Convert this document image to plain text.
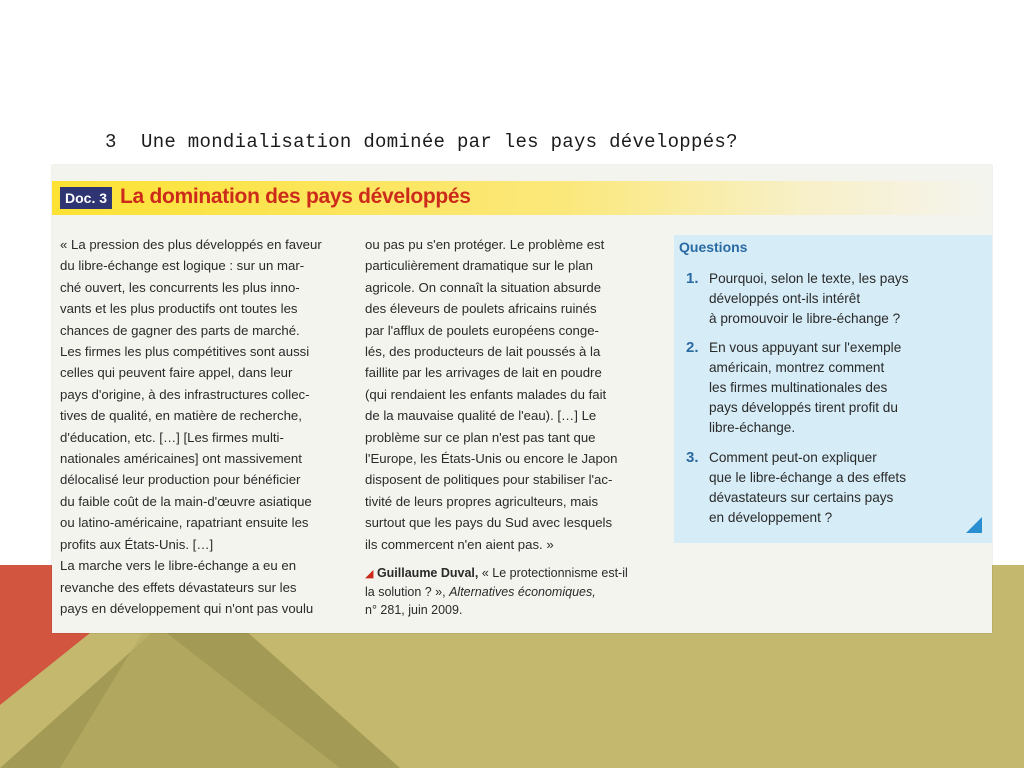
3 Une mondialisation dominée par les pays développés?
Doc. 3 La domination des pays développés

« La pression des plus développés en faveur

du libre-échange est logique : sur un mar-

ché ouvert, les concurrents les plus inno-

vants et les plus productifs ont toutes les

chances de gagner des parts de marché.

Les firmes les plus compétitives sont aussi

celles qui peuvent faire appel, dans leur

pays d'origine, à des infrastructures collec-

tives de qualité, en matière de recherche,

d'éducation, etc. […] [Les firmes multi-

nationales américaines] ont massivement

délocalisé leur production pour bénéficier

du faible coût de la main-d'œuvre asiatique

ou latino-américaine, rapatriant ensuite les

profits aux États-Unis. […]

La marche vers le libre-échange a eu en

revanche des effets dévastateurs sur les

pays en développement qui n'ont pas voulu

ou pas pu s'en protéger. Le problème est

particulièrement dramatique sur le plan

agricole. On connaît la situation absurde

des éleveurs de poulets africains ruinés

par l'afflux de poulets européens conge-

lés, des producteurs de lait poussés à la

faillite par les arrivages de lait en poudre

(qui rendaient les enfants malades du fait

de la mauvaise qualité de l'eau). […] Le

problème sur ce plan n'est pas tant que

l'Europe, les États-Unis ou encore le Japon

disposent de politiques pour stabiliser l'ac-

tivité de leurs propres agriculteurs, mais

surtout que les pays du Sud avec lesquels

ils commercent n'en aient pas. »

◢ Guillaume Duval, « Le protectionnisme est-il
la solution ? », Alternatives économiques,
n° 281, juin 2009.
Questions
1. Pourquoi, selon le texte, les pays
développés ont-ils intérêt
à promouvoir le libre-échange ?
2. En vous appuyant sur l'exemple
américain, montrez comment
les firmes multinationales des
pays développés tirent profit du
libre-échange.
3. Comment peut-on expliquer
que le libre-échange a des effets
dévastateurs sur certains pays
en développement ?
